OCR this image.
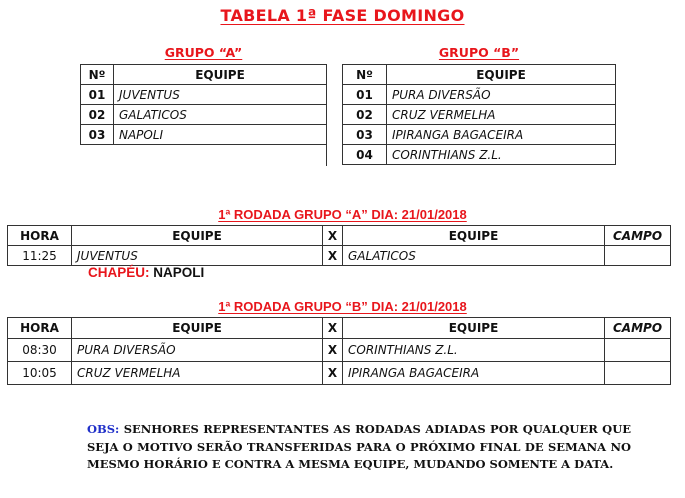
TABELA 1ª FASE DOMINGO
GRUPO “A”
Nº	EQUIPE
01	JUVENTUS
02	GALATICOS
03	NAPOLI
GRUPO “B”
Nº	EQUIPE
01	PURA DIVERSÃO
02	CRUZ VERMELHA
03	IPIRANGA BAGACEIRA
04	CORINTHIANS Z.L.
1ª RODADA GRUPO “A” DIA: 21/01/2018
HORA	EQUIPE	X	EQUIPE	CAMPO
11:25	JUVENTUS	X	GALATICOS	
CHAPÉU: NAPOLI
1ª RODADA GRUPO “B” DIA: 21/01/2018
HORA	EQUIPE	X	EQUIPE	CAMPO
08:30	PURA DIVERSÃO	X	CORINTHIANS Z.L.	
10:05	CRUZ VERMELHA	X	IPIRANGA BAGACEIRA	
OBS: SENHORES REPRESENTANTES AS RODADAS ADIADAS POR QUALQUER QUE SEJA O MOTIVO SERÃO TRANSFERIDAS PARA O PRÓXIMO FINAL DE SEMANA NO MESMO HORÁRIO E CONTRA A MESMA EQUIPE, MUDANDO SOMENTE A DATA.
